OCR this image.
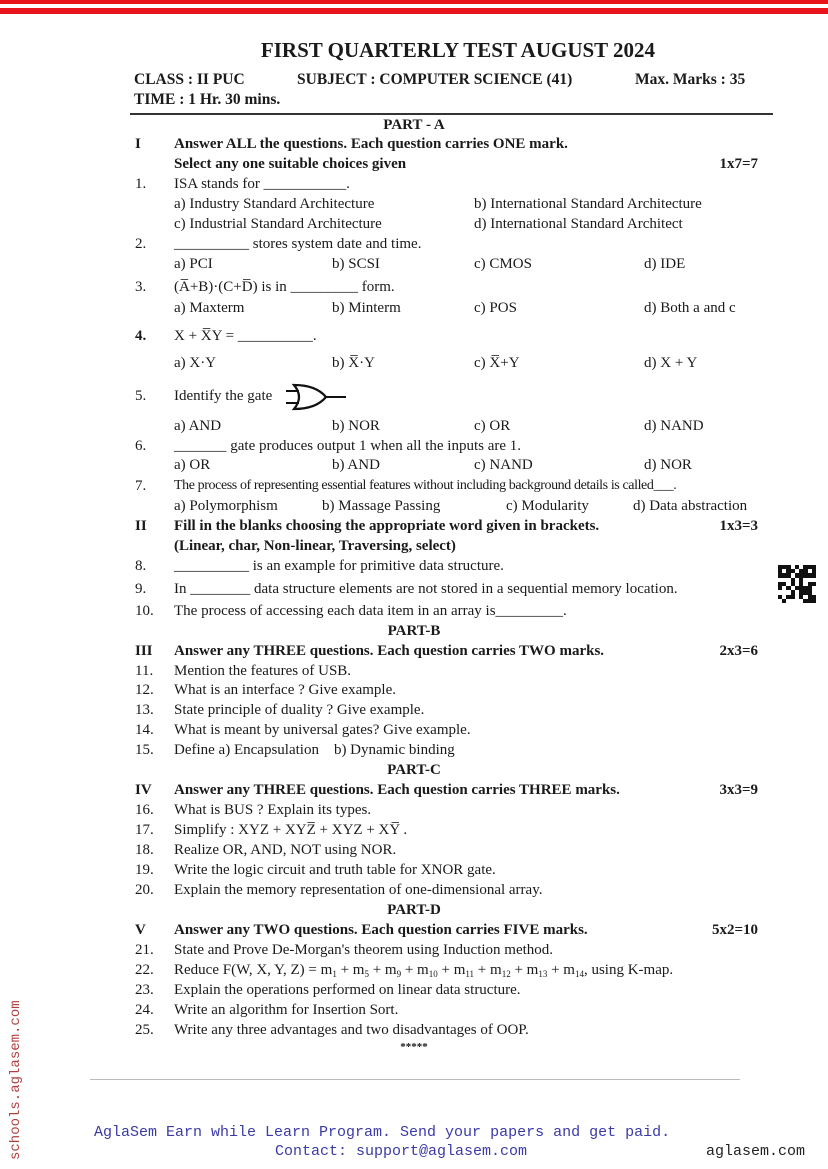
FIRST QUARTERLY TEST AUGUST 2024
CLASS : II PUC	SUBJECT : COMPUTER SCIENCE (41)	Max. Marks : 35
TIME : 1 Hr. 30 mins.
PART - A
I Answer ALL the questions. Each question carries ONE mark.
Select any one suitable choices given	1x7=7
1. ISA stands for ___________.
a) Industry Standard Architecture	b) International Standard Architecture
c) Industrial Standard Architecture	d) International Standard Architect
2. __________ stores system date and time.
a) PCI	b) SCSI	c) CMOS	d) IDE
3. (A̅+B)·(C+D̅) is in _________ form.
a) Maxterm	b) Minterm	c) POS	d) Both a and c
4. X + X̅Y = __________.
a) X·Y	b) X̅·Y	c) X̅+Y	d) X + Y
5. Identify the gate
a) AND	b) NOR	c) OR	d) NAND
6. _______ gate produces output 1 when all the inputs are 1.
a) OR	b) AND	c) NAND	d) NOR
7. The process of representing essential features without including background details is called___.
a) Polymorphism	b) Massage Passing	c) Modularity	d) Data abstraction
II Fill in the blanks choosing the appropriate word given in brackets.	1x3=3
(Linear, char, Non-linear, Traversing, select)
8. __________ is an example for primitive data structure.
9. In ________ data structure elements are not stored in a sequential memory location.
10. The process of accessing each data item in an array is_________.
PART-B
III Answer any THREE questions. Each question carries TWO marks.	2x3=6
11. Mention the features of USB.
12. What is an interface ? Give example.
13. State principle of duality ? Give example.
14. What is meant by universal gates? Give example.
15. Define a) Encapsulation    b) Dynamic binding
PART-C
IV Answer any THREE questions. Each question carries THREE marks.	3x3=9
16. What is BUS ? Explain its types.
17. Simplify : XYZ + XYZ̅ + XYZ + XY̅ .
18. Realize OR, AND, NOT using NOR.
19. Write the logic circuit and truth table for XNOR gate.
20. Explain the memory representation of one-dimensional array.
PART-D
V Answer any TWO questions. Each question carries FIVE marks.	5x2=10
21. State and Prove De-Morgan's theorem using Induction method.
22. Reduce F(W, X, Y, $Z) = m_1 + m_5 + m_9 + m_{10} + m_{11} + m_{12} + m_{13} + m_{14}$, using K-map.
23. Explain the operations performed on linear data structure.
24. Write an algorithm for Insertion Sort.
25. Write any three advantages and two disadvantages of OOP.
*****
schools.aglasem.com	AglaSem Earn while Learn Program. Send your papers and get paid.
Contact: support@aglasem.com	aglasem.com
